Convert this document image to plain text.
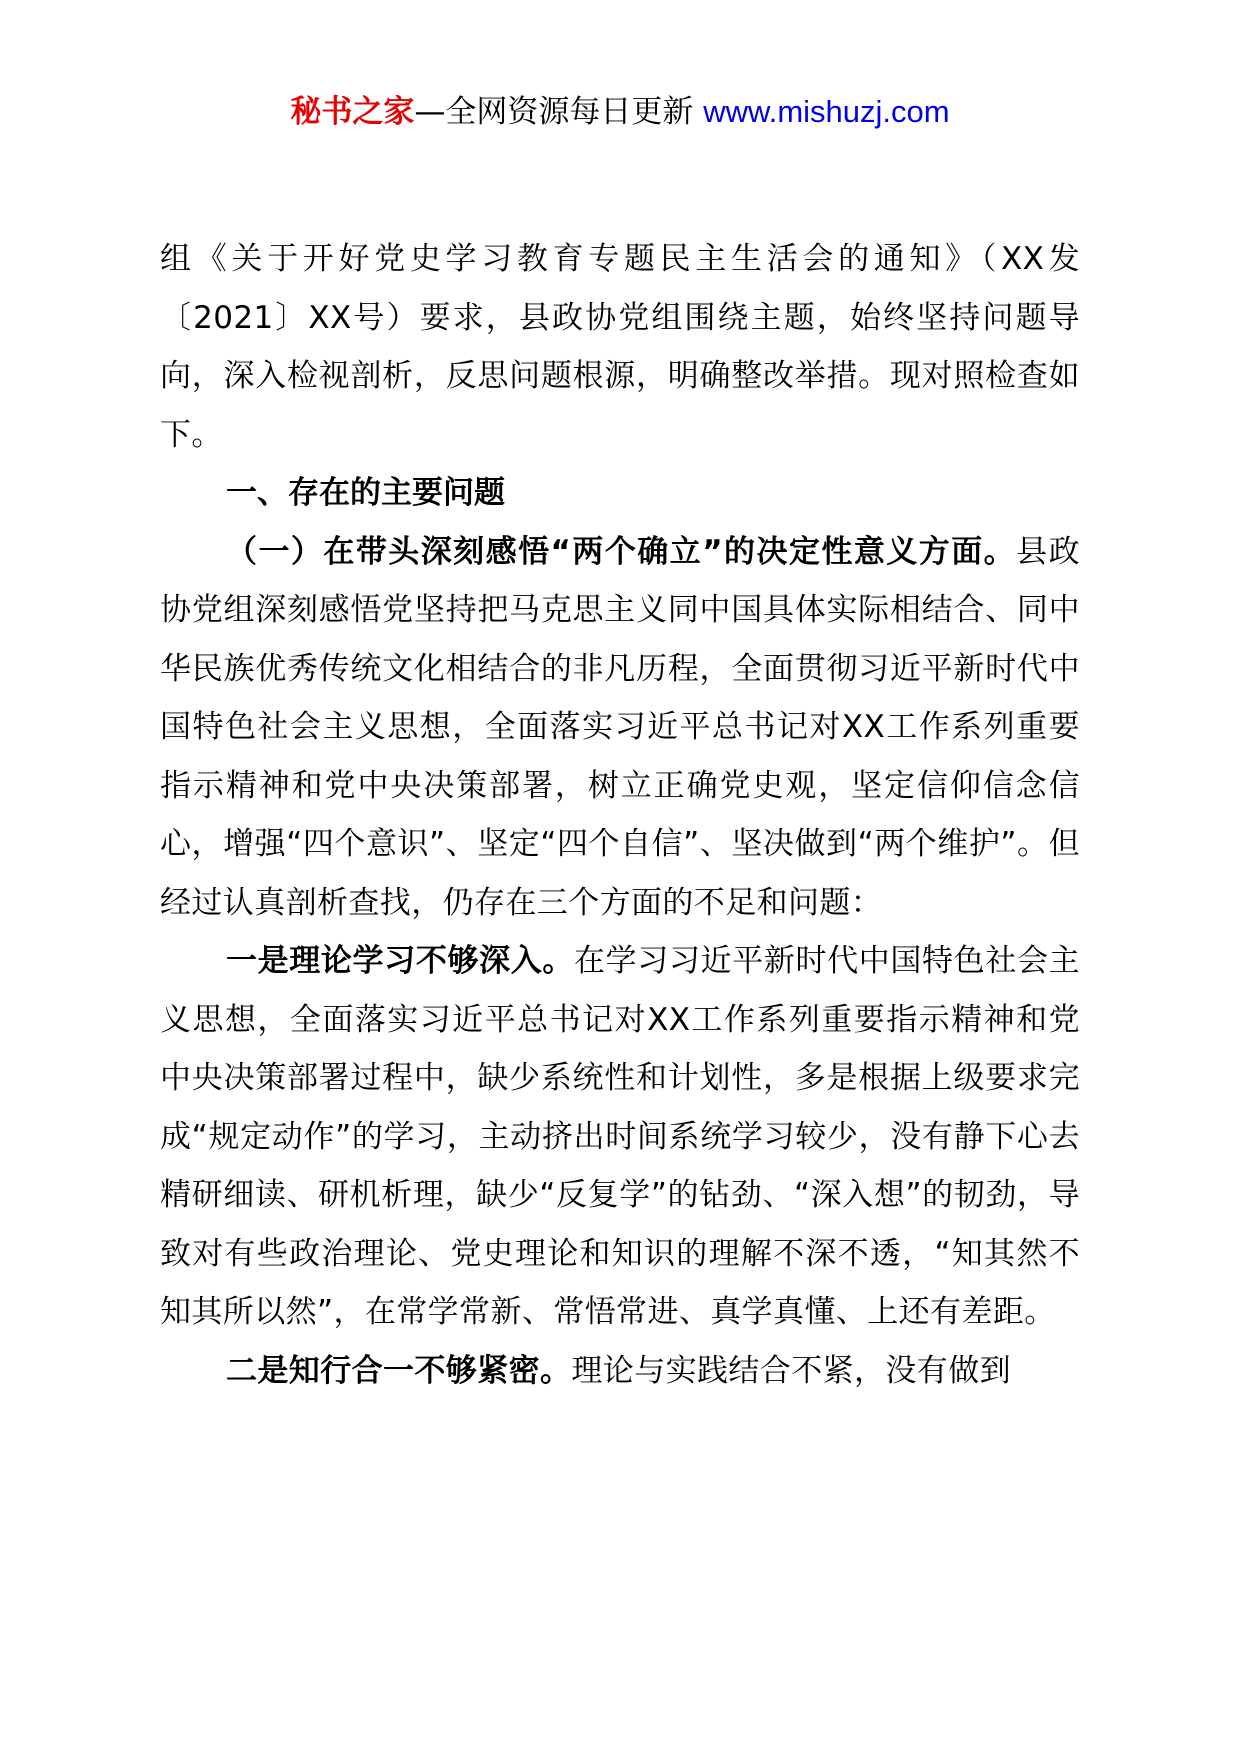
秘书之家—全网资源每日更新 www.mishuzj.com

组《关于开好党史学习教育专题民主生活会的通知》（XX发〔2021〕XX号）要求，县政协党组围绕主题，始终坚持问题导向，深入检视剖析，反思问题根源，明确整改举措。现对照检查如下。

一、存在的主要问题

（一）在带头深刻感悟“两个确立”的决定性意义方面。县政协党组深刻感悟党坚持把马克思主义同中国具体实际相结合、同中华民族优秀传统文化相结合的非凡历程，全面贯彻习近平新时代中国特色社会主义思想，全面落实习近平总书记对XX工作系列重要指示精神和党中央决策部署，树立正确党史观，坚定信仰信念信心，增强“四个意识”、坚定“四个自信”、坚决做到“两个维护”。但经过认真剖析查找，仍存在三个方面的不足和问题：

一是理论学习不够深入。在学习习近平新时代中国特色社会主义思想，全面落实习近平总书记对XX工作系列重要指示精神和党中央决策部署过程中，缺少系统性和计划性，多是根据上级要求完成“规定动作”的学习，主动挤出时间系统学习较少，没有静下心去精研细读、研机析理，缺少“反复学”的钻劲、“深入想”的韧劲，导致对有些政治理论、党史理论和知识的理解不深不透，“知其然不知其所以然”，在常学常新、常悟常进、真学真懂、上还有差距。

二是知行合一不够紧密。理论与实践结合不紧，没有做到
